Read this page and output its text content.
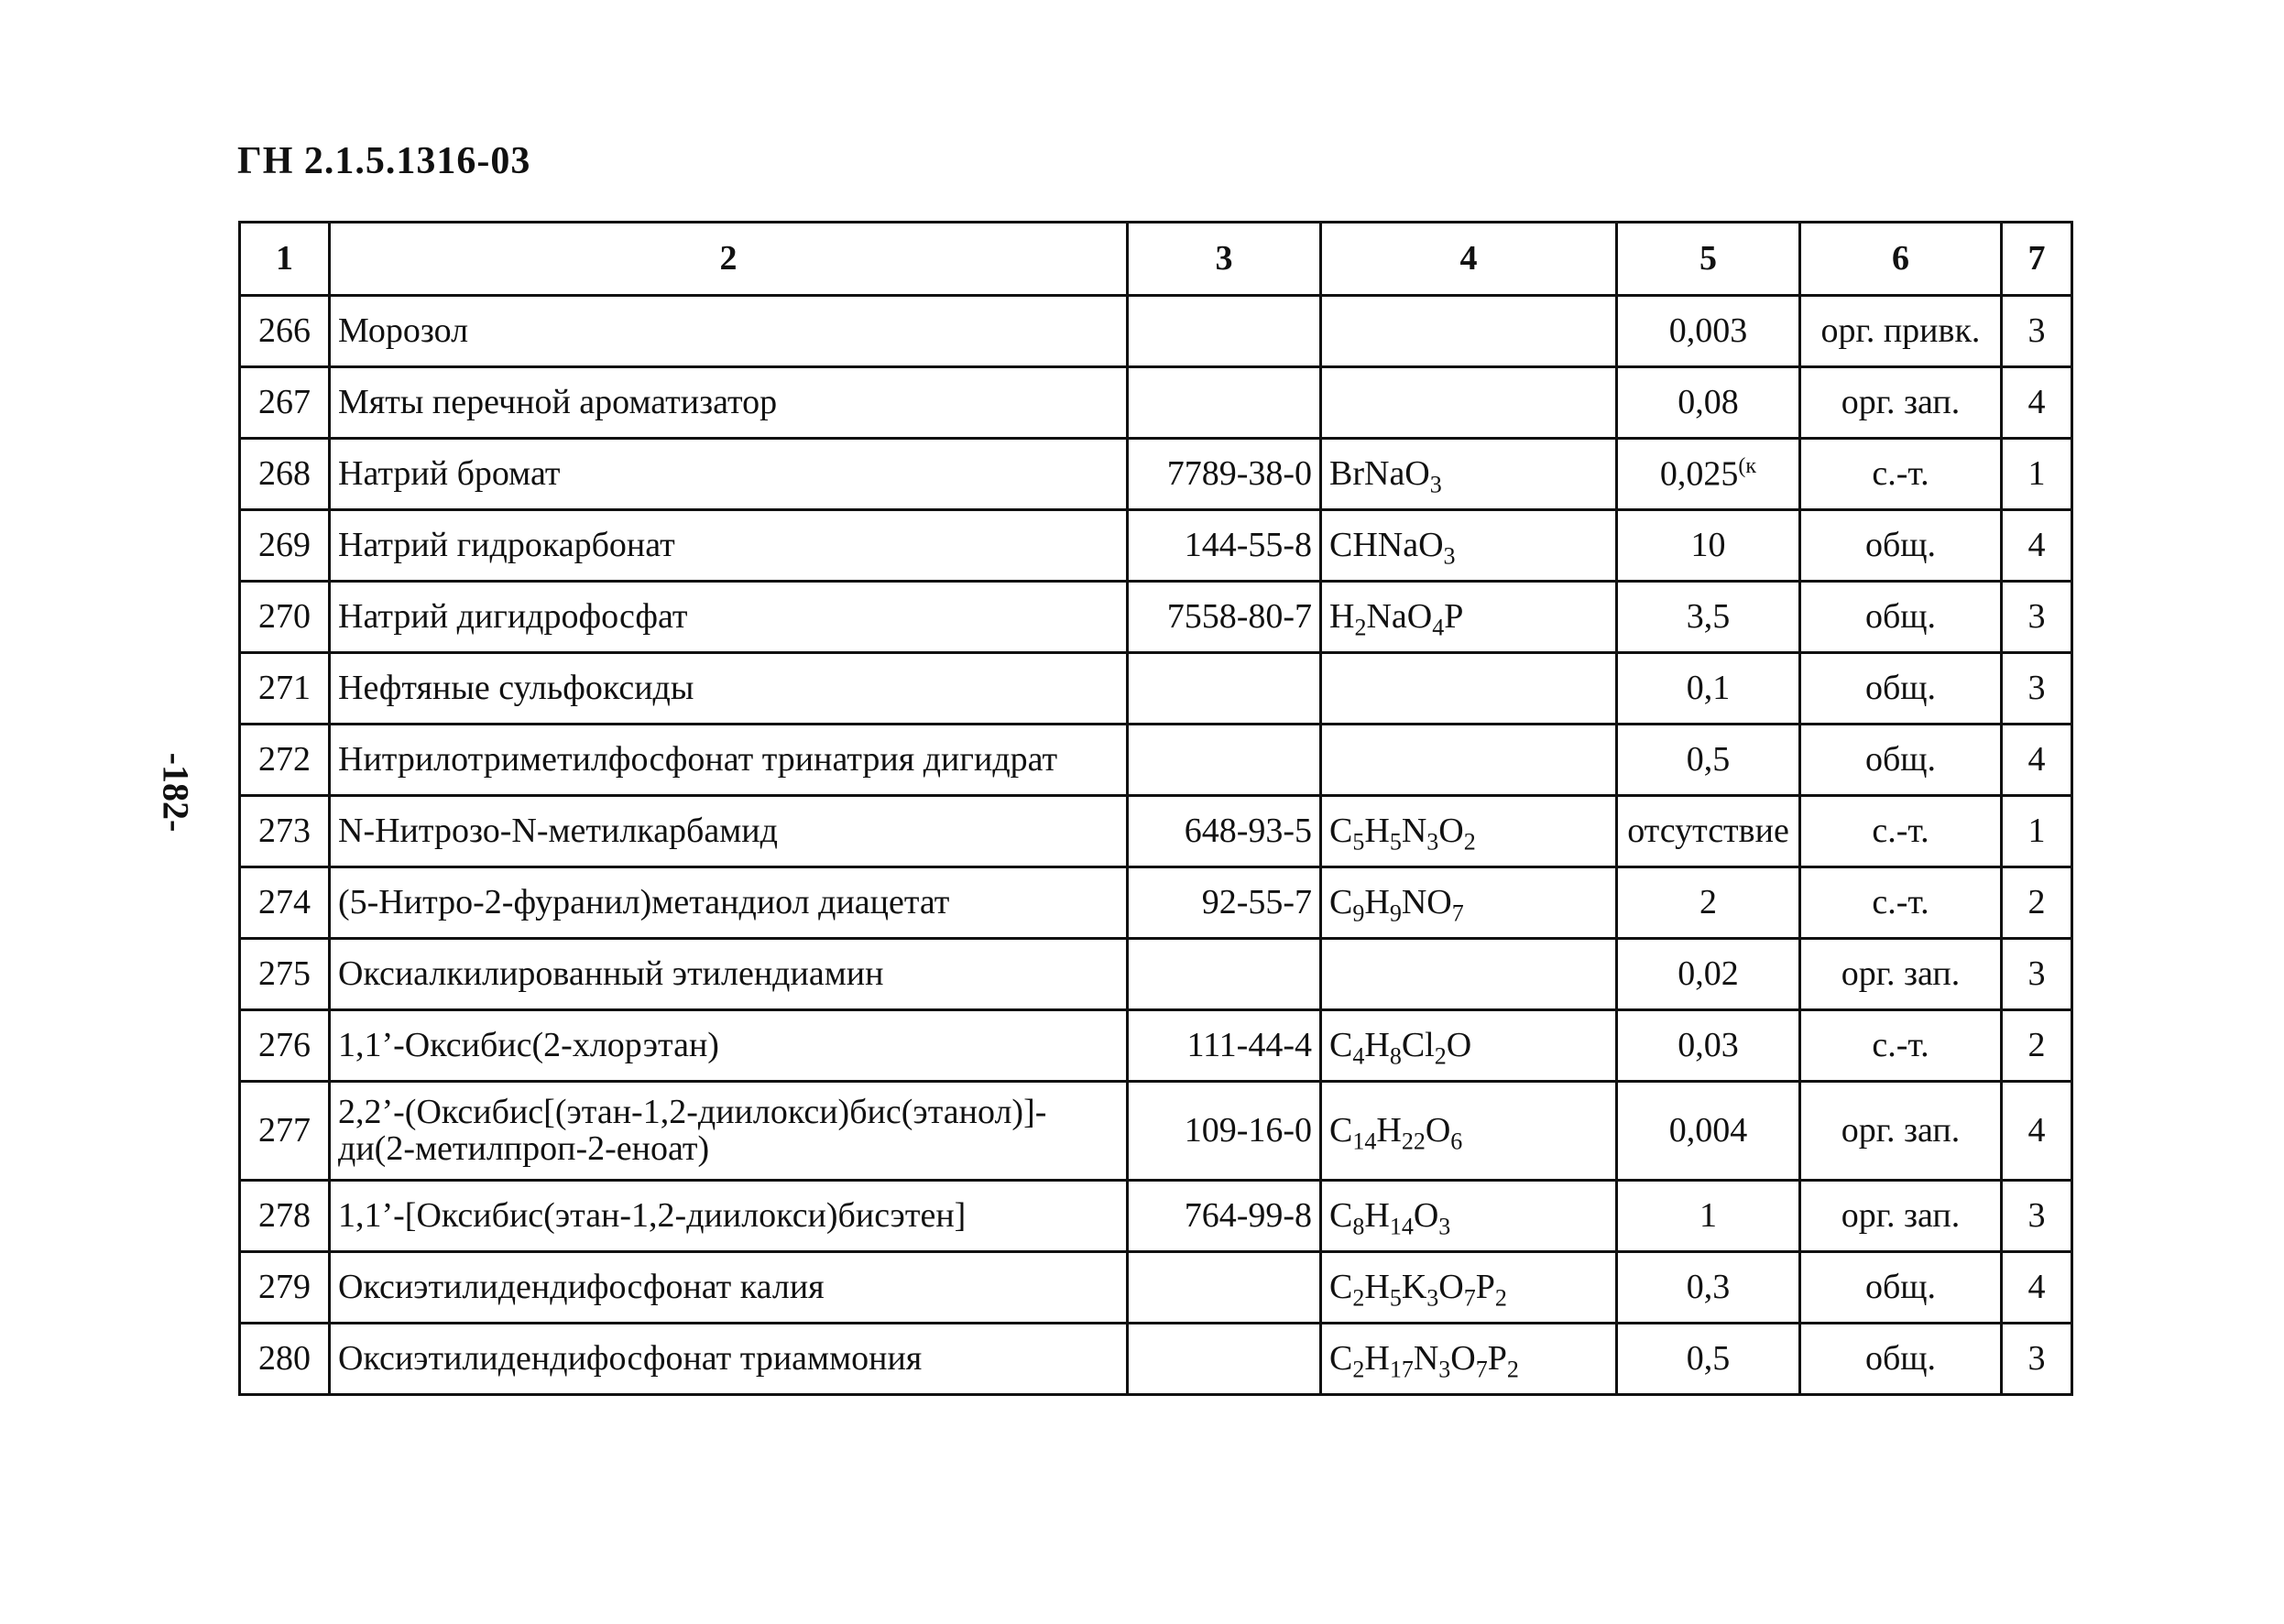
ГН 2.1.5.1316-03
-182-
1	2	3	4	5	6	7
266	Морозол			0,003	орг. привк.	3
267	Мяты перечной ароматизатор			0,08	орг. зап.	4
268	Натрий бромат	7789-38-0	BrNaO$_3$	0,025$^{(к}$	с.-т.	1
269	Натрий гидрокарбонат	144-55-8	CHNaO$_3$	10	общ.	4
270	Натрий дигидрофосфат	7558-80-7	$H_2NaO_4P$	3,5	общ.	3
271	Нефтяные сульфоксиды			0,1	общ.	3
272	Нитрилотриметилфосфонат тринатрия дигидрат			0,5	общ.	4
273	N-Нитрозо-N-метилкарбамид	648-93-5	$C_5H_5N_3O_2$	отсутствие	с.-т.	1
274	(5-Нитро-2-фуранил)метандиол диацетат	92-55-7	$C_9H_9NO_7$	2	с.-т.	2
275	Оксиалкилированный этилендиамин			0,02	орг. зап.	3
276	1,1’-Оксибис(2-хлорэтан)	111-44-4	$C_4H_8Cl_2O$	0,03	с.-т.	2
277	2,2’-(Оксибис[(этан-1,2-диилокси)бис(этанол)]-ди(2-метилпроп-2-еноат)	109-16-0	$C_{14}H_{22}O_6$	0,004	орг. зап.	4
278	1,1’-[Оксибис(этан-1,2-диилокси)бисэтен]	764-99-8	$C_8H_{14}O_3$	1	орг. зап.	3
279	Оксиэтилидендифосфонат калия		$C_2H_5K_3O_7P_2$	0,3	общ.	4
280	Оксиэтилидендифосфонат триаммония		$C_2H_{17}N_3O_7P_2$	0,5	общ.	3
